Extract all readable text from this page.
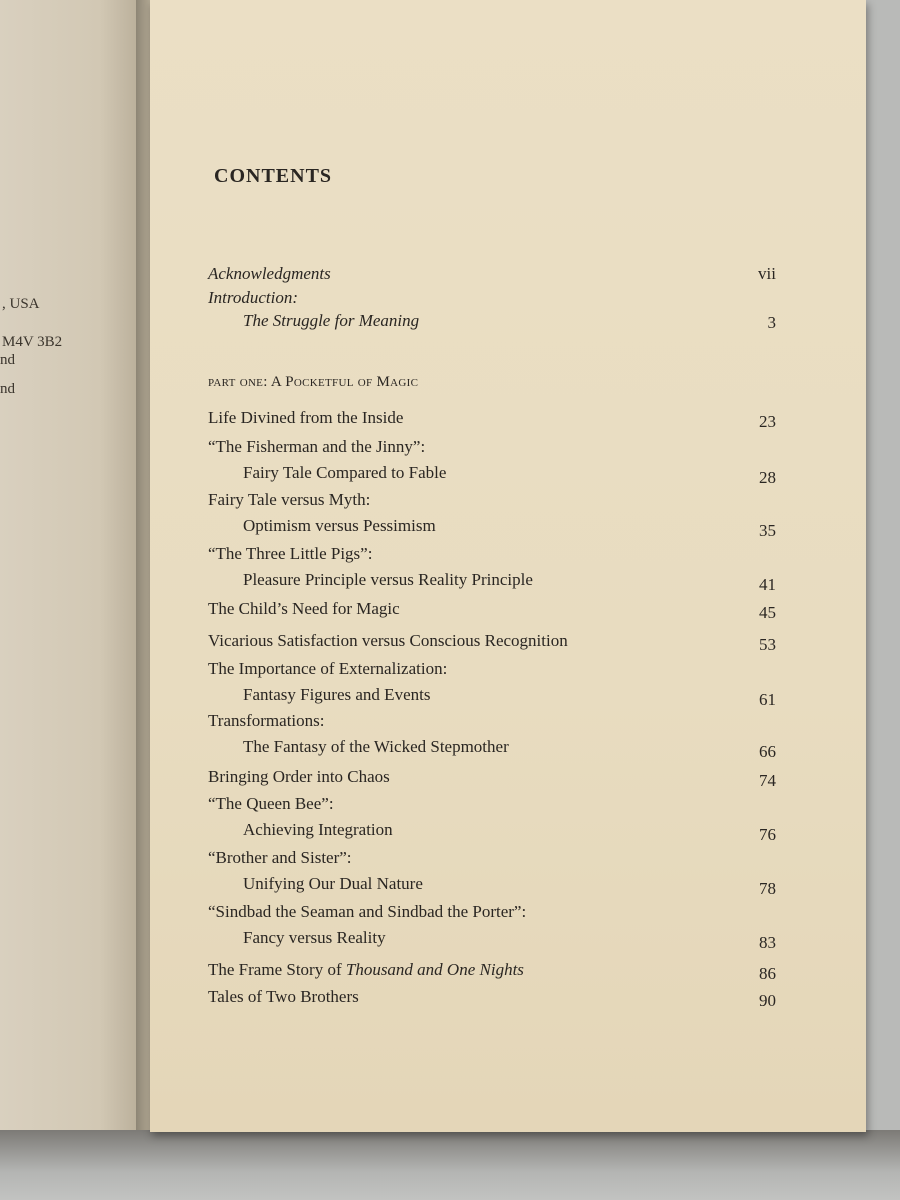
, USA
M4V 3B2
nd
nd
CONTENTS
Acknowledgments	vii
Introduction:
The Struggle for Meaning	3
part one: A Pocketful of Magic
Life Divined from the Inside	23
“The Fisherman and the Jinny”:
Fairy Tale Compared to Fable	28
Fairy Tale versus Myth:
Optimism versus Pessimism	35
“The Three Little Pigs”:
Pleasure Principle versus Reality Principle	41
The Child’s Need for Magic	45
Vicarious Satisfaction versus Conscious Recognition	53
The Importance of Externalization:
Fantasy Figures and Events	61
Transformations:
The Fantasy of the Wicked Stepmother	66
Bringing Order into Chaos	74
“The Queen Bee”:
Achieving Integration	76
“Brother and Sister”:
Unifying Our Dual Nature	78
“Sindbad the Seaman and Sindbad the Porter”:
Fancy versus Reality	83
The Frame Story of Thousand and One Nights	86
Tales of Two Brothers	90
